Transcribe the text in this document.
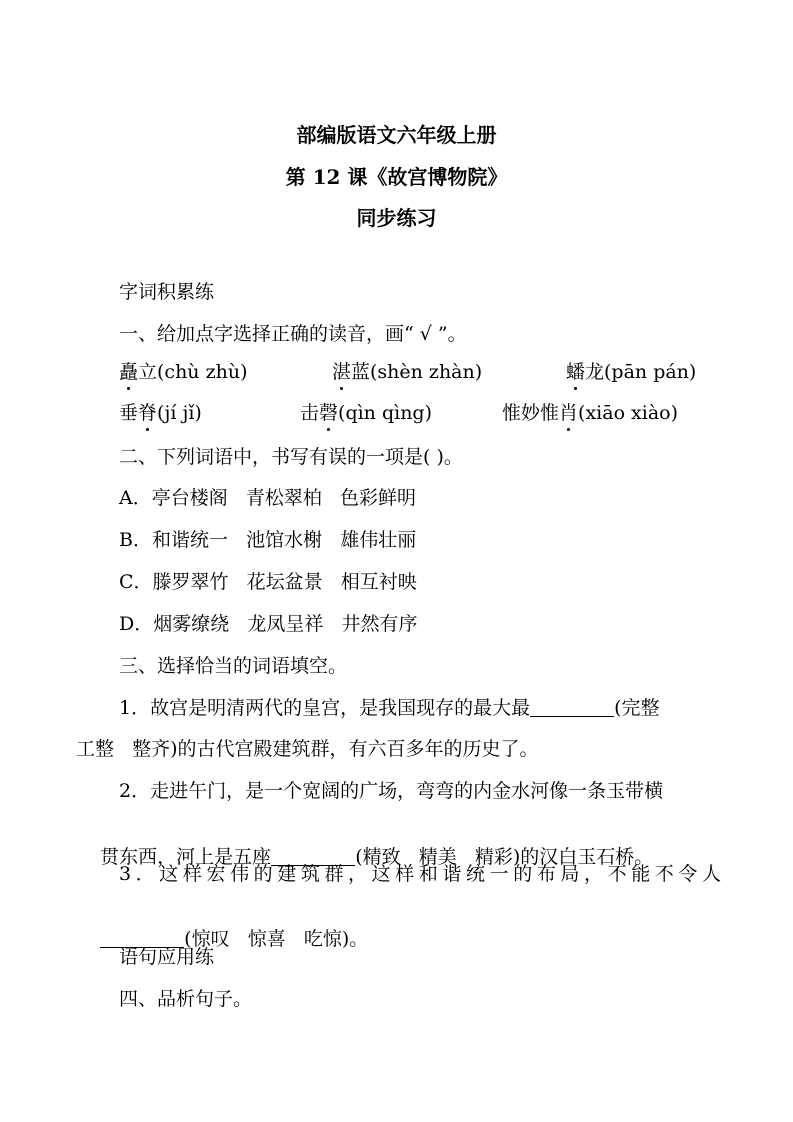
部编版语文六年级上册
第 12 课《故宫博物院》
同步练习
字词积累练
一、给加点字选择正确的读音，画“ √ ”。
矗立(chù zhù)	湛蓝(shèn zhàn)	蟠龙(pān pán)
垂脊(jí jǐ)	击磬(qìn qìng)	惟妙惟肖(xiāo xiào)
二、下列词语中，书写有误的一项是( )。
A．亭台楼阁   青松翠柏   色彩鲜明
B．和谐统一   池馆水榭   雄伟壮丽
C．滕罗翠竹   花坛盆景   相互衬映
D．烟雾缭绕   龙凤呈祥   井然有序
三、选择恰当的词语填空。
1．故宫是明清两代的皇宫，是我国现存的最大最	(完整
工整   整齐)的古代宫殿建筑群，有六百多年的历史了。
2．走进午门，是一个宽阔的广场，弯弯的内金水河像一条玉带横

贯东西，河上是五座	(精致   精美   精彩)的汉白玉石桥。

3．这样宏伟的建筑群，这样和谐统一的布局，不能不令人

(惊叹   惊喜   吃惊)。

语句应用练
四、品析句子。
